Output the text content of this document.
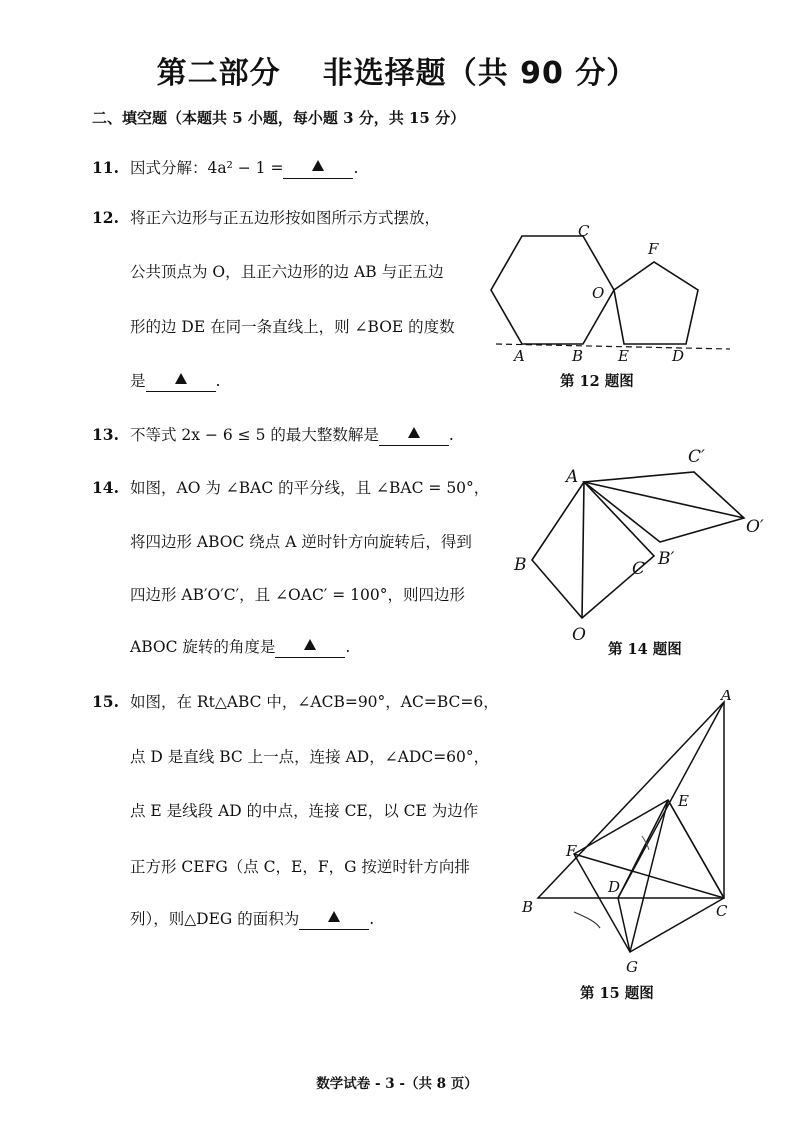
第二部分 非选择题（共 90 分）
二、填空题（本题共 5 小题，每小题 3 分，共 15 分）
11. 因式分解：4a² − 1 =	.
12. 将正六边形与正五边形按如图所示方式摆放，
公共顶点为 O，且正六边形的边 AB 与正五边
形的边 DE 在同一条直线上，则 ∠BOE 的度数
是	.
C
F
O
A	B E	D
第 12 题图
13. 不等式 2x − 6 ≤ 5 的最大整数解是	.
14. 如图，AO 为 ∠BAC 的平分线，且 ∠BAC = 50°，
将四边形 ABOC 绕点 A 逆时针方向旋转后，得到
四边形 AB′O′C′，且 ∠OAC′ = 100°，则四边形
ABOC 旋转的角度是	.
A
C′
O′
B′
C
B
O
第 14 题图
15. 如图，在 Rt△ABC 中，∠ACB=90°，AC=BC=6，
点 D 是直线 BC 上一点，连接 AD，∠ADC=60°，
点 E 是线段 AD 的中点，连接 CE，以 CE 为边作
正方形 CEFG（点 C，E，F，G 按逆时针方向排
列），则△DEG 的面积为	.
A
E
F
D
B	C
G
第 15 题图
数学试卷 - 3 -（共 8 页）
